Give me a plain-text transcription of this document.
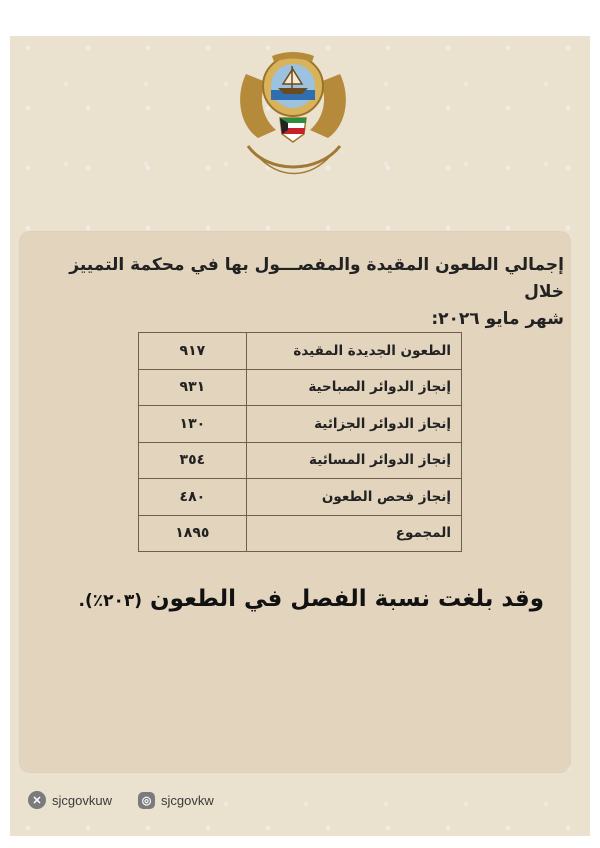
إجمالي الطعون المقيدة والمفصـــول بها في محكمة التمييز خلال
شهر مايو ٢٠٢٦:
الطعون الجديدة المقيدة	٩١٧
إنجاز الدوائر الصباحية	٩٣١
إنجاز الدوائر الجزائية	١٣٠
إنجاز الدوائر المسائية	٣٥٤
إنجاز فحص الطعون	٤٨٠
المجموع	١٨٩٥
وقد بلغت نسبة الفصل في الطعون (٢٠٣٪).
✕ sjcgovkuw	◎ sjcgovkw
